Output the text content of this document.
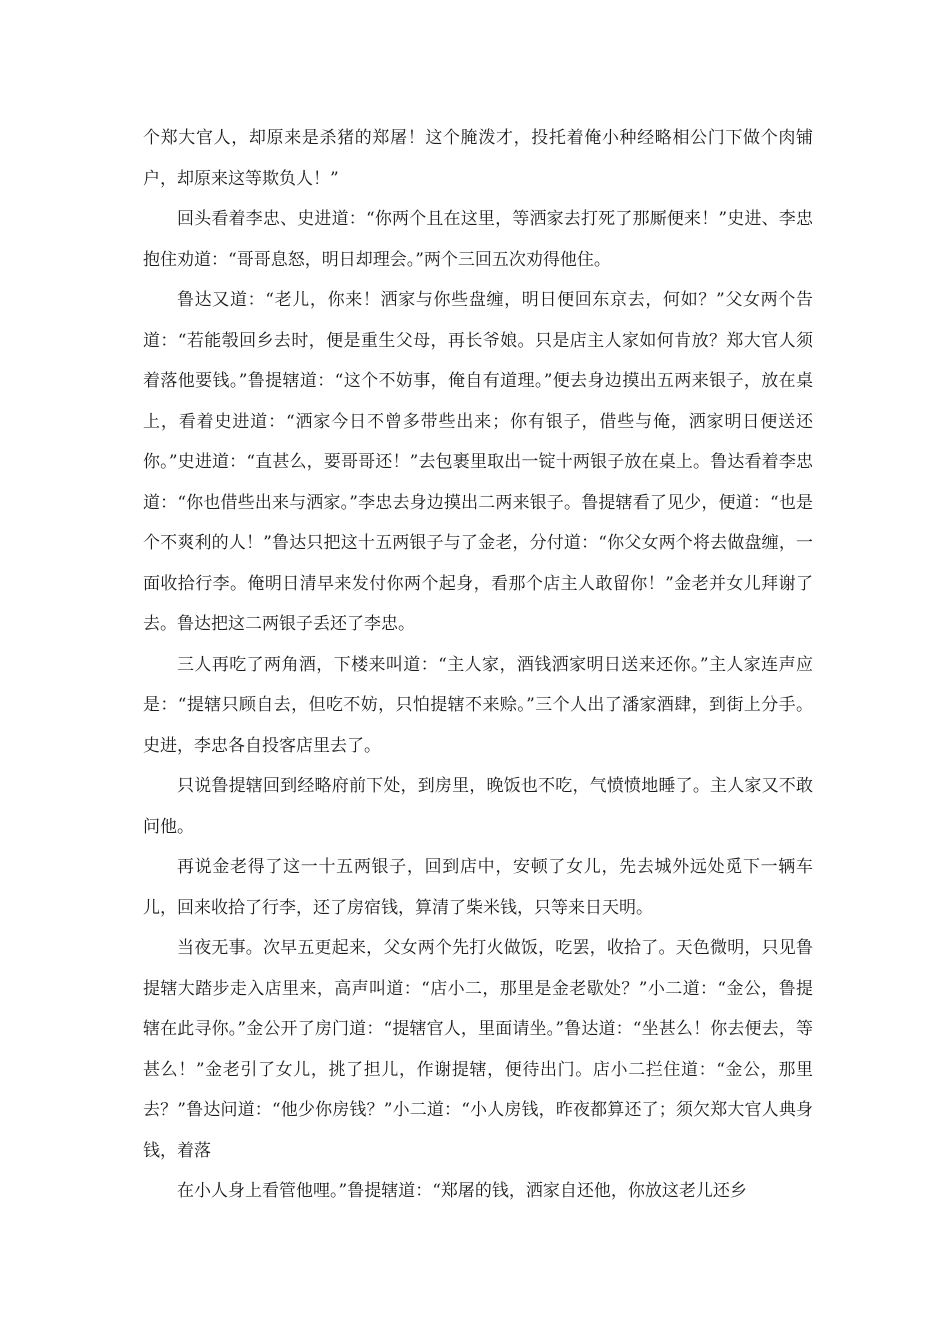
个郑大官人，却原来是杀猪的郑屠！这个腌泼才，投托着俺小种经略相公门下做个肉铺户，却原来这等欺负人！”

回头看着李忠、史进道：“你两个且在这里，等洒家去打死了那厮便来！”史进、李忠抱住劝道：“哥哥息怒，明日却理会。”两个三回五次劝得他住。

鲁达又道：“老儿，你来！洒家与你些盘缠，明日便回东京去，何如？”父女两个告道：“若能彀回乡去时，便是重生父母，再长爷娘。只是店主人家如何肯放？郑大官人须着落他要钱。”鲁提辖道：“这个不妨事，俺自有道理。”便去身边摸出五两来银子，放在桌上，看着史进道：“洒家今日不曾多带些出来；你有银子，借些与俺，洒家明日便送还你。”史进道：“直甚么，要哥哥还！”去包裹里取出一锭十两银子放在桌上。鲁达看着李忠道：“你也借些出来与洒家。”李忠去身边摸出二两来银子。鲁提辖看了见少，便道：“也是个不爽利的人！”鲁达只把这十五两银子与了金老，分付道：“你父女两个将去做盘缠，一面收拾行李。俺明日清早来发付你两个起身，看那个店主人敢留你！”金老并女儿拜谢了去。鲁达把这二两银子丢还了李忠。

三人再吃了两角酒，下楼来叫道：“主人家，酒钱洒家明日送来还你。”主人家连声应是：“提辖只顾自去，但吃不妨，只怕提辖不来赊。”三个人出了潘家酒肆，到街上分手。史进，李忠各自投客店里去了。

只说鲁提辖回到经略府前下处，到房里，晚饭也不吃，气愤愤地睡了。主人家又不敢问他。

再说金老得了这一十五两银子，回到店中，安顿了女儿，先去城外远处觅下一辆车儿，回来收拾了行李，还了房宿钱，算清了柴米钱，只等来日天明。

当夜无事。次早五更起来，父女两个先打火做饭，吃罢，收拾了。天色微明，只见鲁提辖大踏步走入店里来，高声叫道：“店小二，那里是金老歇处？”小二道：“金公，鲁提辖在此寻你。”金公开了房门道：“提辖官人，里面请坐。”鲁达道：“坐甚么！你去便去，等甚么！”金老引了女儿，挑了担儿，作谢提辖，便待出门。店小二拦住道：“金公，那里去？”鲁达问道：“他少你房钱？”小二道：“小人房钱，昨夜都算还了；须欠郑大官人典身钱，着落

在小人身上看管他哩。”鲁提辖道：“郑屠的钱，洒家自还他，你放这老儿还乡
